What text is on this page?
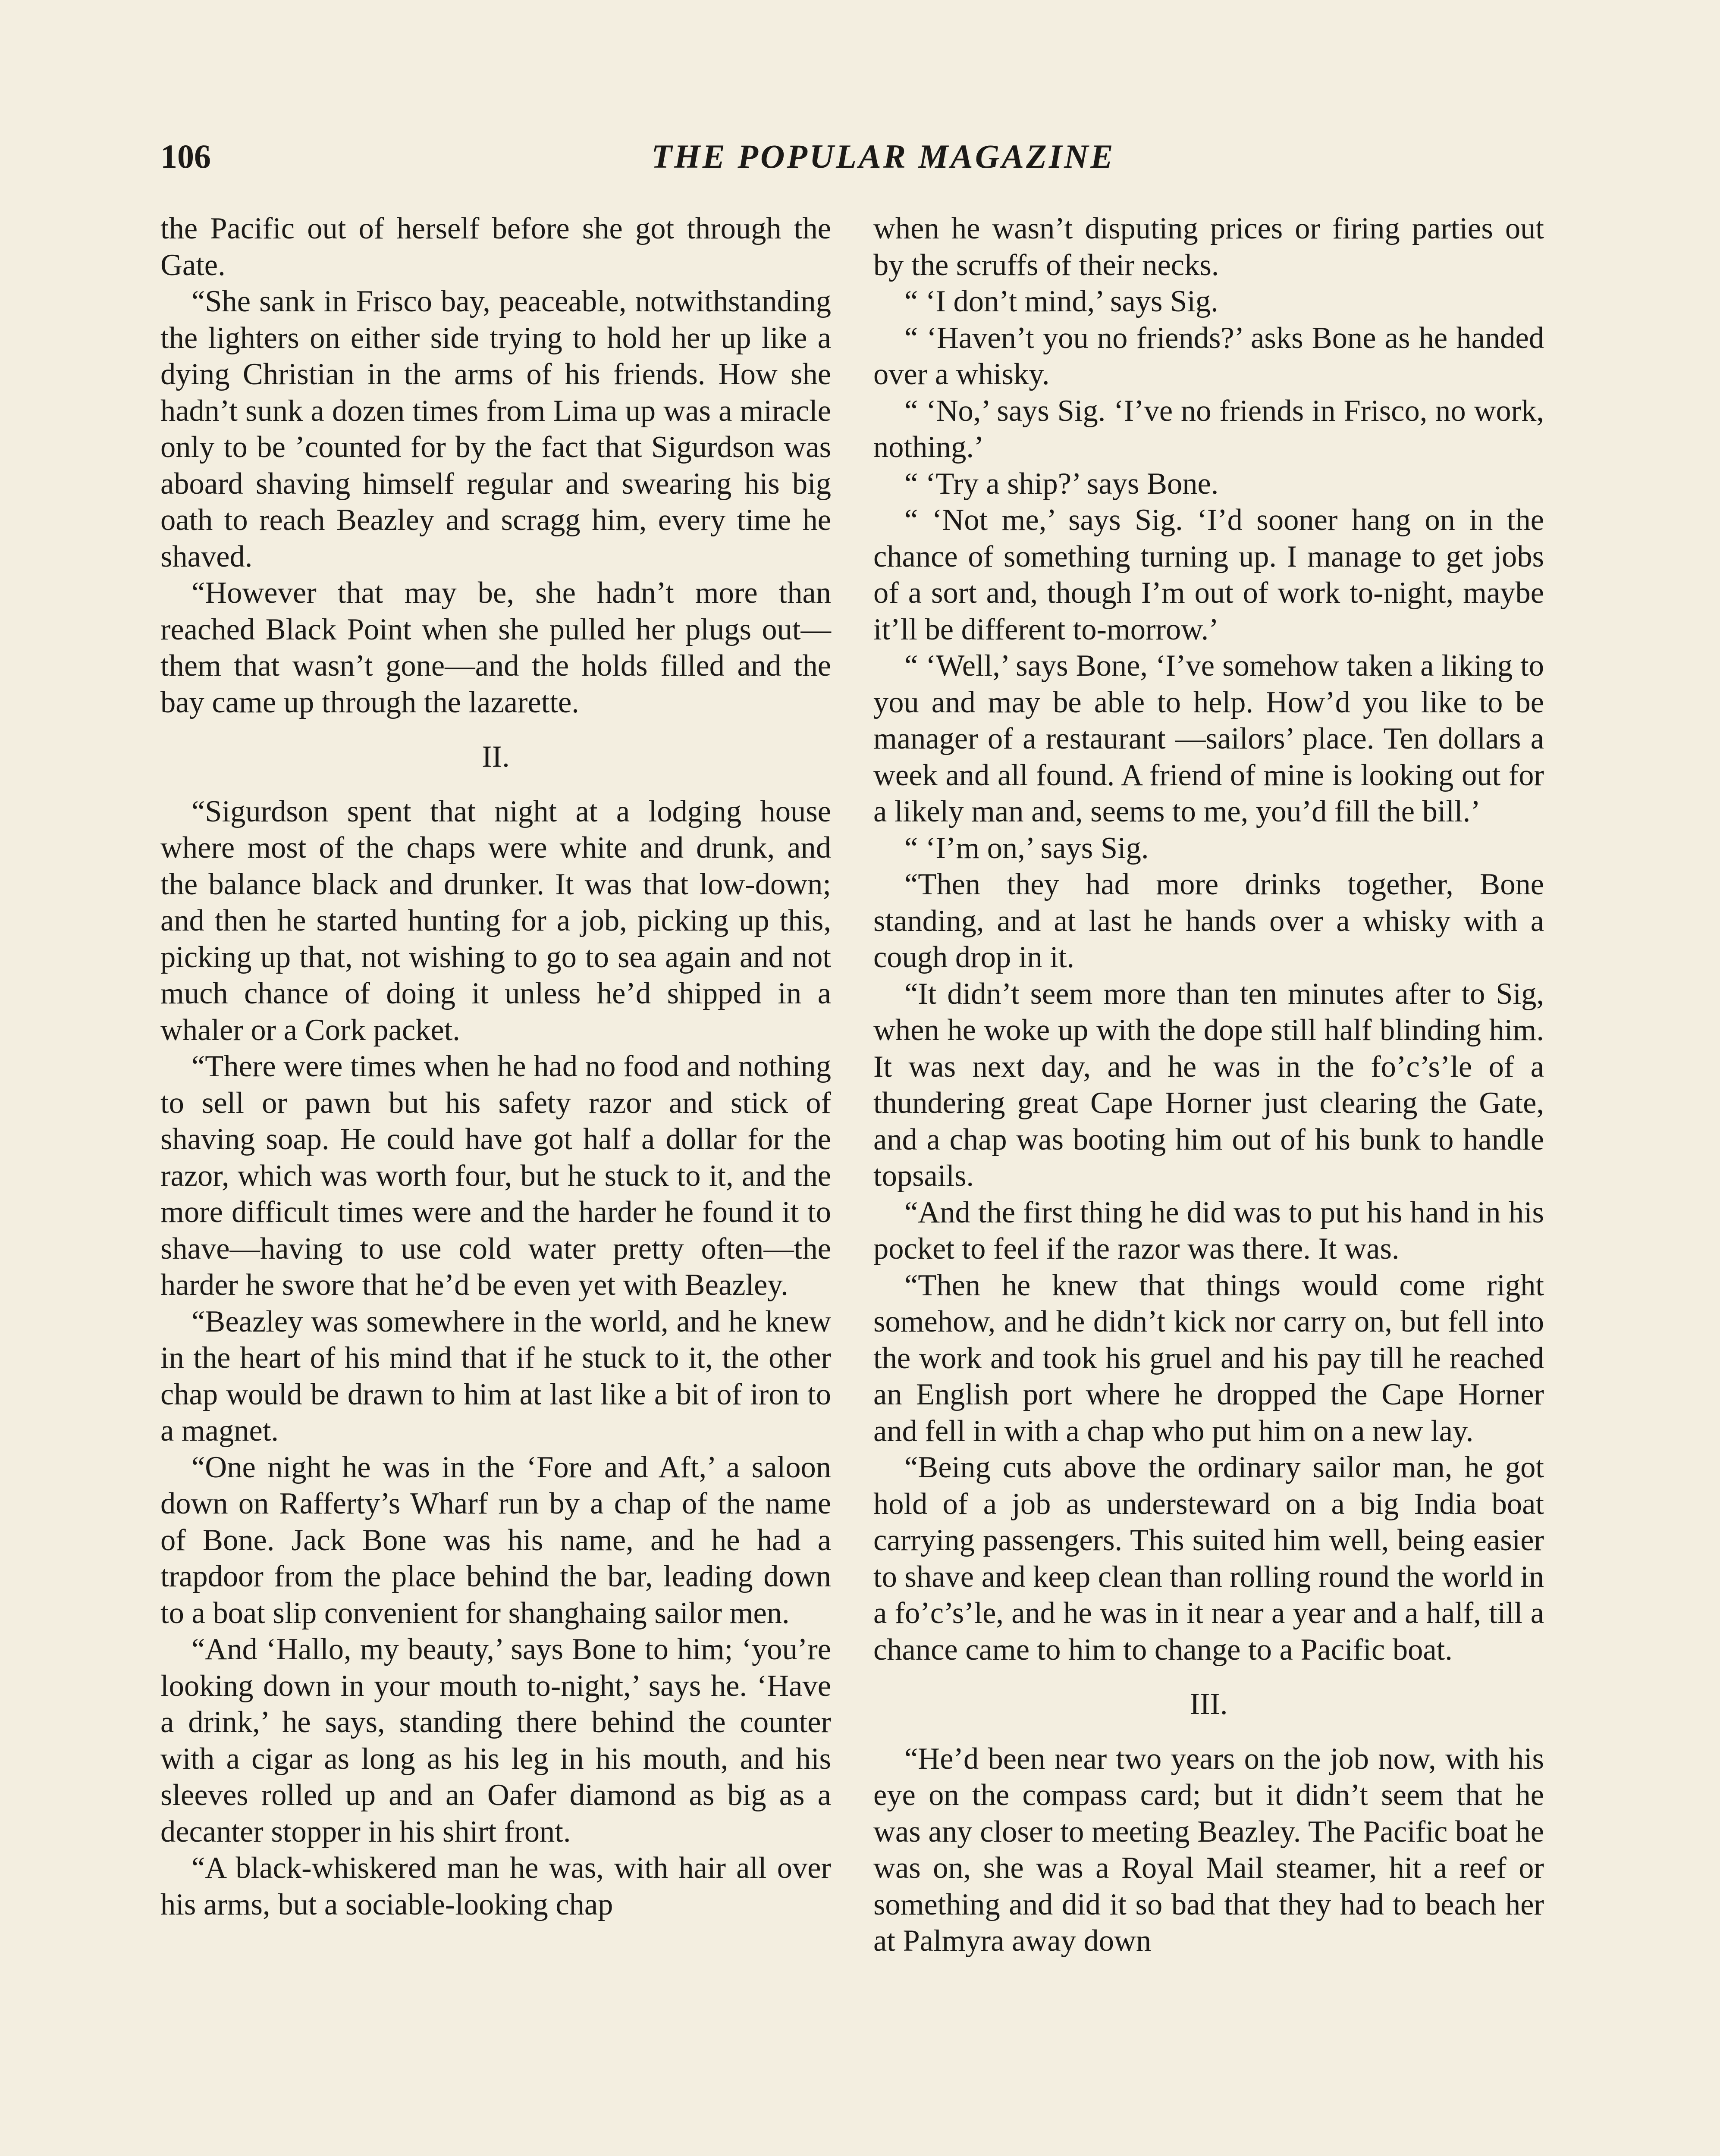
106	THE POPULAR MAGAZINE

the Pacific out of herself before she got through the Gate.

“She sank in Frisco bay, peaceable, notwithstanding the lighters on either side trying to hold her up like a dying Christian in the arms of his friends. How she hadn’t sunk a dozen times from Lima up was a miracle only to be ’counted for by the fact that Sigurdson was aboard shaving himself regular and swearing his big oath to reach Beazley and scragg him, every time he shaved.

“However that may be, she hadn’t more than reached Black Point when she pulled her plugs out—them that wasn’t gone—and the holds filled and the bay came up through the lazarette.

II.

“Sigurdson spent that night at a lodging house where most of the chaps were white and drunk, and the balance black and drunker. It was that low-down; and then he started hunting for a job, picking up this, picking up that, not wishing to go to sea again and not much chance of doing it unless he’d shipped in a whaler or a Cork packet.

“There were times when he had no food and nothing to sell or pawn but his safety razor and stick of shaving soap. He could have got half a dollar for the razor, which was worth four, but he stuck to it, and the more difficult times were and the harder he found it to shave—having to use cold water pretty often—the harder he swore that he’d be even yet with Beazley.

“Beazley was somewhere in the world, and he knew in the heart of his mind that if he stuck to it, the other chap would be drawn to him at last like a bit of iron to a magnet.

“One night he was in the ‘Fore and Aft,’ a saloon down on Rafferty’s Wharf run by a chap of the name of Bone. Jack Bone was his name, and he had a trapdoor from the place behind the bar, leading down to a boat slip convenient for shanghaing sailor men.

“And ‘Hallo, my beauty,’ says Bone to him; ‘you’re looking down in your mouth to-night,’ says he. ‘Have a drink,’ he says, standing there behind the counter with a cigar as long as his leg in his mouth, and his sleeves rolled up and an Oafer diamond as big as a decanter stopper in his shirt front.

“A black-whiskered man he was, with hair all over his arms, but a sociable-looking chap

when he wasn’t disputing prices or firing parties out by the scruffs of their necks.

“ ‘I don’t mind,’ says Sig.

“ ‘Haven’t you no friends?’ asks Bone as he handed over a whisky.

“ ‘No,’ says Sig. ‘I’ve no friends in Frisco, no work, nothing.’

“ ‘Try a ship?’ says Bone.

“ ‘Not me,’ says Sig. ‘I’d sooner hang on in the chance of something turning up. I manage to get jobs of a sort and, though I’m out of work to-night, maybe it’ll be different to-morrow.’

“ ‘Well,’ says Bone, ‘I’ve somehow taken a liking to you and may be able to help. How’d you like to be manager of a restaurant —sailors’ place. Ten dollars a week and all found. A friend of mine is looking out for a likely man and, seems to me, you’d fill the bill.’

“ ‘I’m on,’ says Sig.

“Then they had more drinks together, Bone standing, and at last he hands over a whisky with a cough drop in it.

“It didn’t seem more than ten minutes after to Sig, when he woke up with the dope still half blinding him. It was next day, and he was in the fo’c’s’le of a thundering great Cape Horner just clearing the Gate, and a chap was booting him out of his bunk to handle topsails.

“And the first thing he did was to put his hand in his pocket to feel if the razor was there. It was.

“Then he knew that things would come right somehow, and he didn’t kick nor carry on, but fell into the work and took his gruel and his pay till he reached an English port where he dropped the Cape Horner and fell in with a chap who put him on a new lay.

“Being cuts above the ordinary sailor man, he got hold of a job as understeward on a big India boat carrying passengers. This suited him well, being easier to shave and keep clean than rolling round the world in a fo’c’s’le, and he was in it near a year and a half, till a chance came to him to change to a Pacific boat.

III.

“He’d been near two years on the job now, with his eye on the compass card; but it didn’t seem that he was any closer to meeting Beazley. The Pacific boat he was on, she was a Royal Mail steamer, hit a reef or something and did it so bad that they had to beach her at Palmyra away down
